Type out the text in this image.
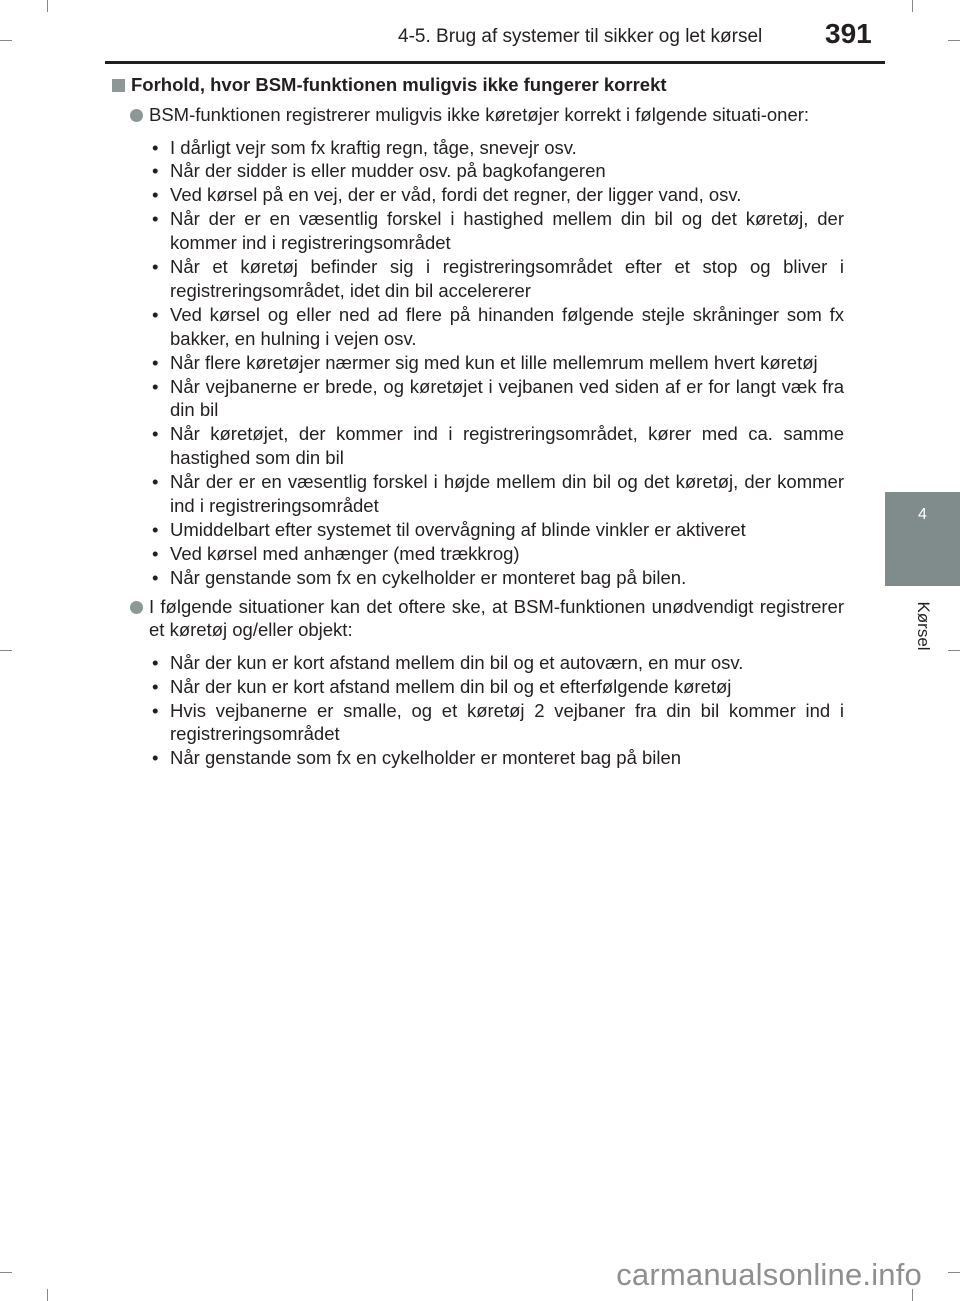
4-5. Brug af systemer til sikker og let kørsel 391
4
Kørsel
Forhold, hvor BSM-funktionen muligvis ikke fungerer korrekt
BSM-funktionen registrerer muligvis ikke køretøjer korrekt i følgende situati-oner:
• I dårligt vejr som fx kraftig regn, tåge, snevejr osv.
• Når der sidder is eller mudder osv. på bagkofangeren
• Ved kørsel på en vej, der er våd, fordi det regner, der ligger vand, osv.
• Når der er en væsentlig forskel i hastighed mellem din bil og det køretøj, der kommer ind i registreringsområdet
• Når et køretøj befinder sig i registreringsområdet efter et stop og bliver i registreringsområdet, idet din bil accelererer
• Ved kørsel og eller ned ad flere på hinanden følgende stejle skråninger som fx bakker, en hulning i vejen osv.
• Når flere køretøjer nærmer sig med kun et lille mellemrum mellem hvert køretøj
• Når vejbanerne er brede, og køretøjet i vejbanen ved siden af er for langt væk fra din bil
• Når køretøjet, der kommer ind i registreringsområdet, kører med ca. samme hastighed som din bil
• Når der er en væsentlig forskel i højde mellem din bil og det køretøj, der kommer ind i registreringsområdet
• Umiddelbart efter systemet til overvågning af blinde vinkler er aktiveret
• Ved kørsel med anhænger (med trækkrog)
• Når genstande som fx en cykelholder er monteret bag på bilen.
I følgende situationer kan det oftere ske, at BSM-funktionen unødvendigt registrerer et køretøj og/eller objekt:
• Når der kun er kort afstand mellem din bil og et autoværn, en mur osv.
• Når der kun er kort afstand mellem din bil og et efterfølgende køretøj
• Hvis vejbanerne er smalle, og et køretøj 2 vejbaner fra din bil kommer ind i registreringsområdet
• Når genstande som fx en cykelholder er monteret bag på bilen
carmanualsonline.info
